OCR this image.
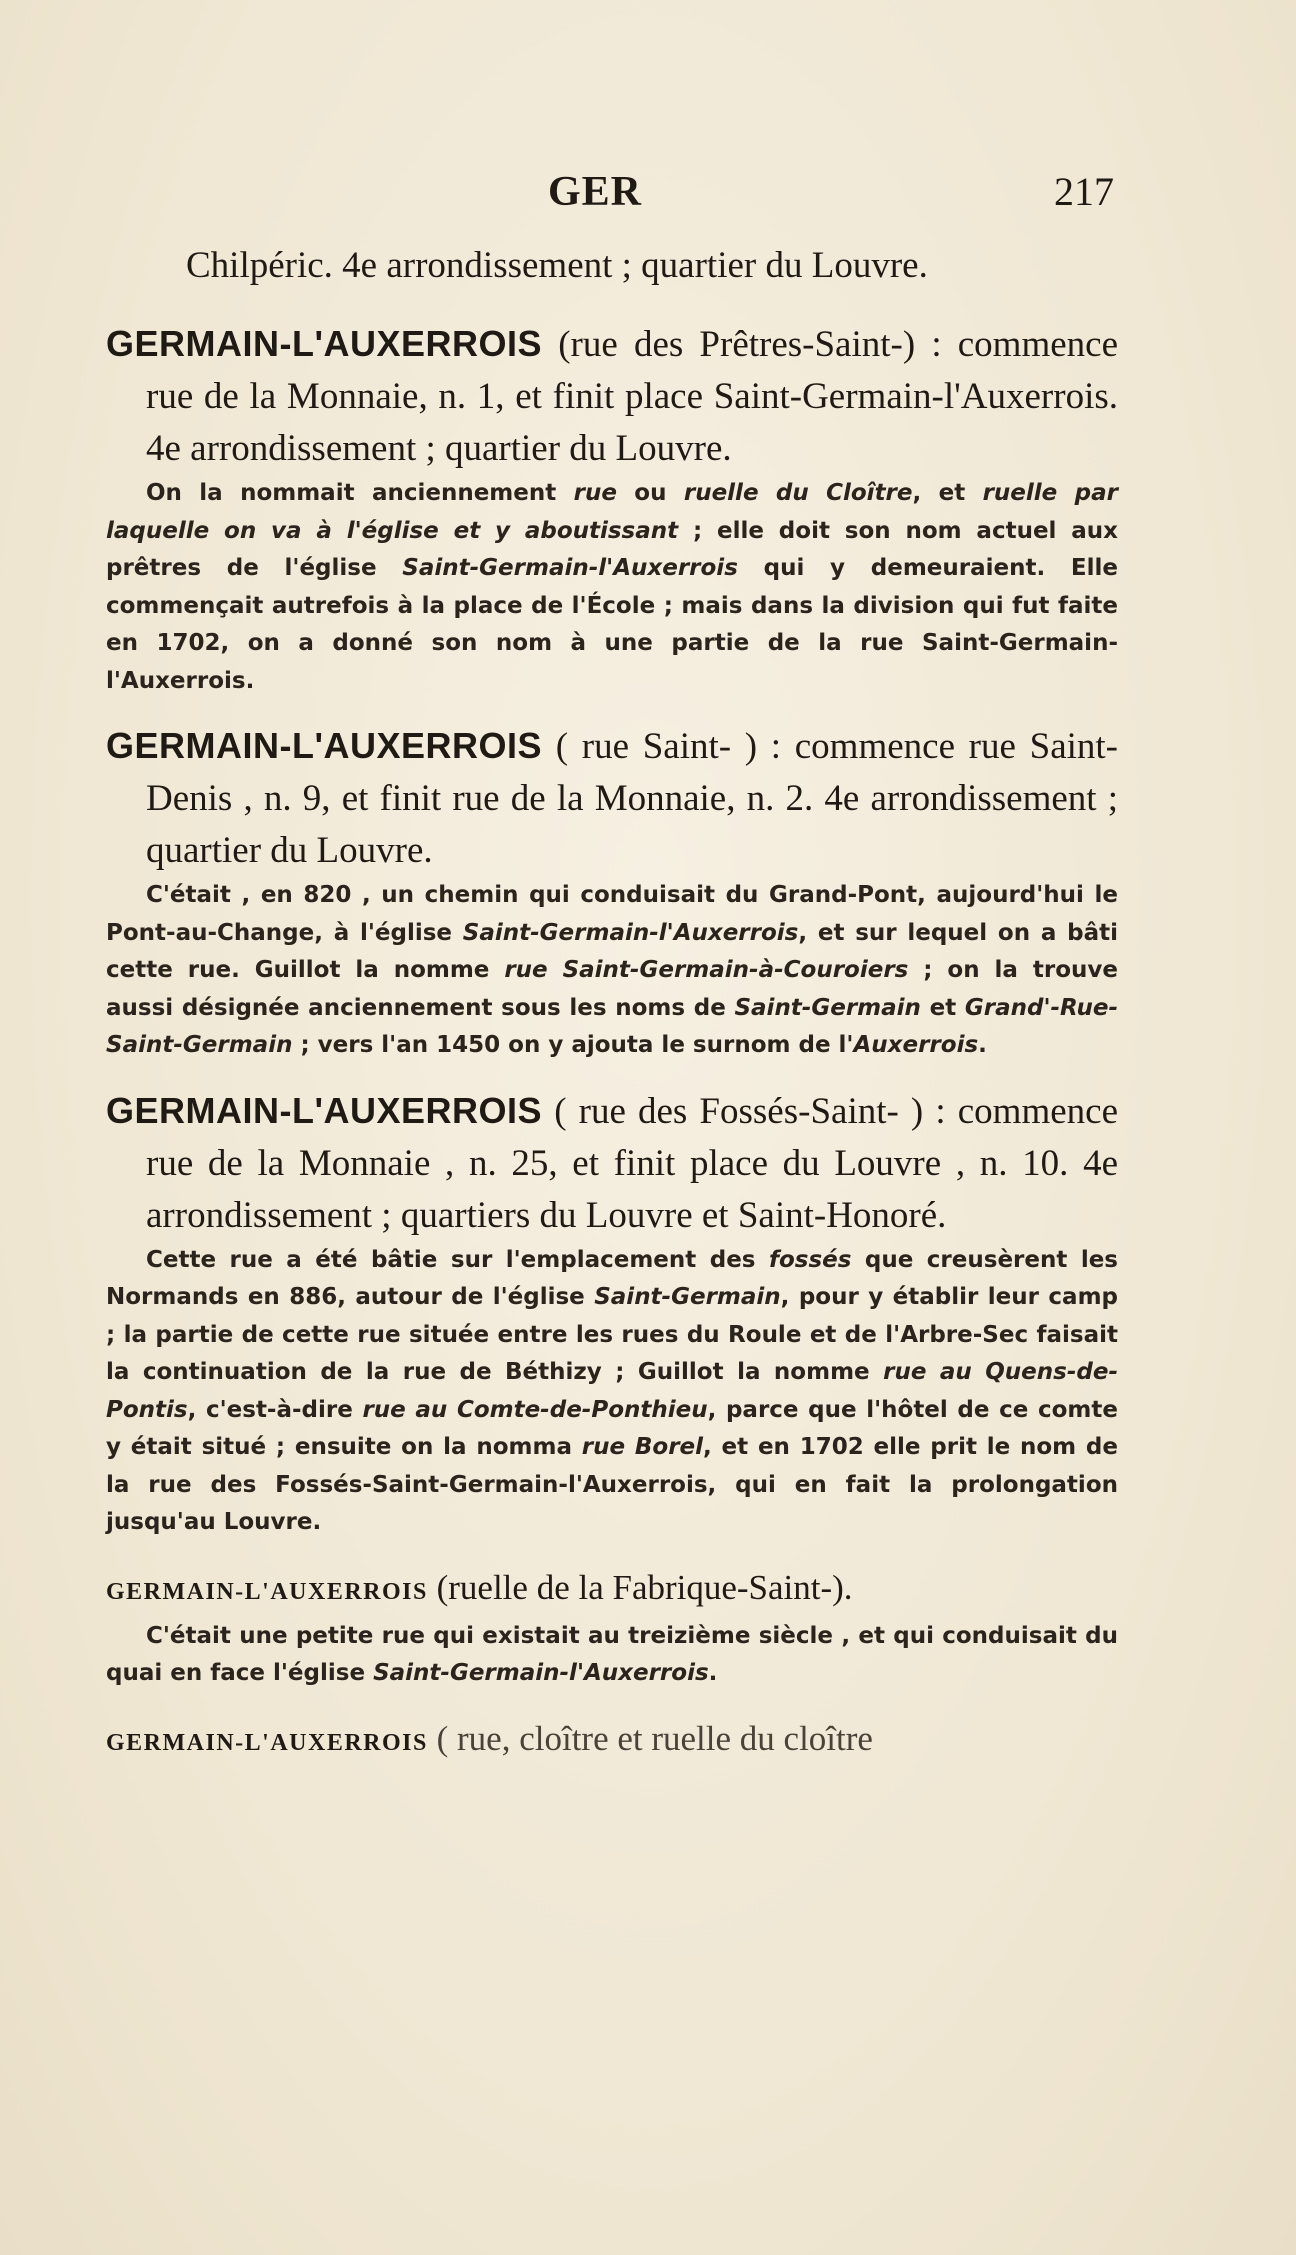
GER	217

Chilpéric. 4e arrondissement ; quartier du Louvre.

GERMAIN-L'AUXERROIS (rue des Prêtres-Saint-) : commence rue de la Monnaie, n. 1, et finit place Saint-Germain-l'Auxerrois. 4e arrondissement ; quartier du Louvre.

On la nommait anciennement rue ou ruelle du Cloître, et ruelle par laquelle on va à l'église et y aboutissant ; elle doit son nom actuel aux prêtres de l'église Saint-Germain-l'Auxerrois qui y demeuraient. Elle commençait autrefois à la place de l'École ; mais dans la division qui fut faite en 1702, on a donné son nom à une partie de la rue Saint-Germain-l'Auxerrois.

GERMAIN-L'AUXERROIS ( rue Saint- ) : commence rue Saint-Denis , n. 9, et finit rue de la Monnaie, n. 2. 4e arrondissement ; quartier du Louvre.

C'était , en 820 , un chemin qui conduisait du Grand-Pont, aujourd'hui le Pont-au-Change, à l'église Saint-Germain-l'Auxerrois, et sur lequel on a bâti cette rue. Guillot la nomme rue Saint-Germain-à-Couroiers ; on la trouve aussi désignée anciennement sous les noms de Saint-Germain et Grand'-Rue-Saint-Germain ; vers l'an 1450 on y ajouta le surnom de l'Auxerrois.

GERMAIN-L'AUXERROIS ( rue des Fossés-Saint- ) : commence rue de la Monnaie , n. 25, et finit place du Louvre , n. 10. 4e arrondissement ; quartiers du Louvre et Saint-Honoré.

Cette rue a été bâtie sur l'emplacement des fossés que creusèrent les Normands en 886, autour de l'église Saint-Germain, pour y établir leur camp ; la partie de cette rue située entre les rues du Roule et de l'Arbre-Sec faisait la continuation de la rue de Béthizy ; Guillot la nomme rue au Quens-de-Pontis, c'est-à-dire rue au Comte-de-Ponthieu, parce que l'hôtel de ce comte y était situé ; ensuite on la nomma rue Borel, et en 1702 elle prit le nom de la rue des Fossés-Saint-Germain-l'Auxerrois, qui en fait la prolongation jusqu'au Louvre.

GERMAIN-L'AUXERROIS (ruelle de la Fabrique-Saint-).

C'était une petite rue qui existait au treizième siècle , et qui conduisait du quai en face l'église Saint-Germain-l'Auxerrois.

GERMAIN-L'AUXERROIS ( rue, cloître et ruelle du cloître
